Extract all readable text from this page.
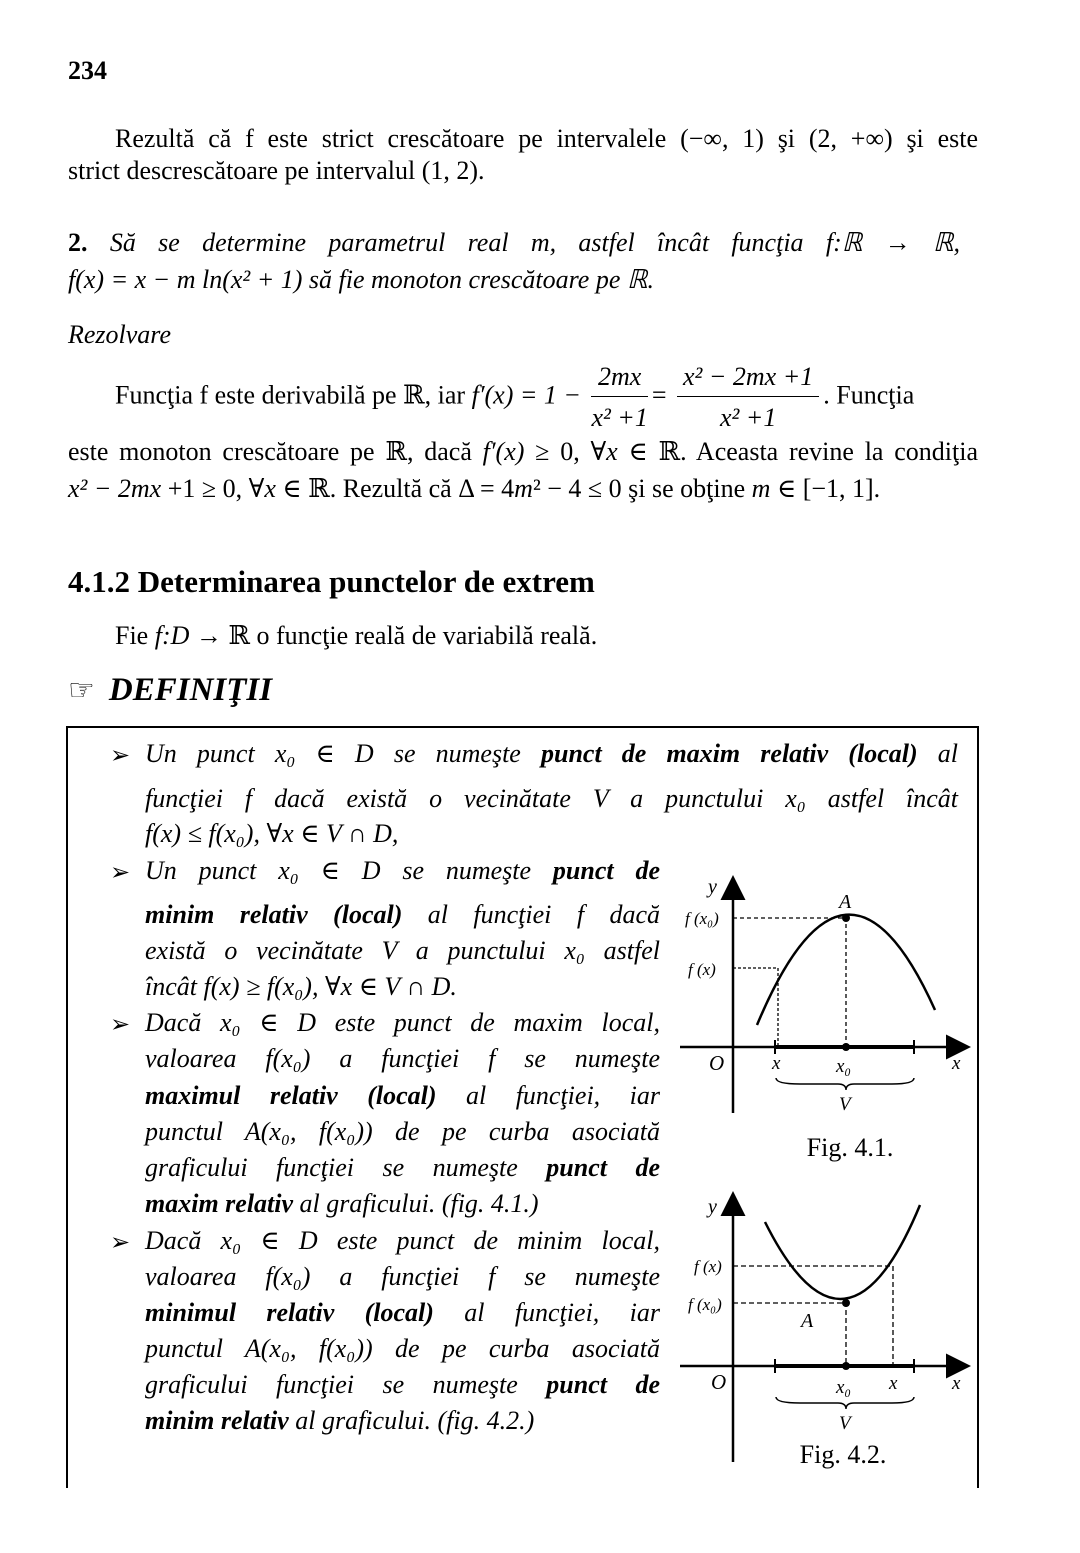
234
Rezultă că f este strict crescătoare pe intervalele (−∞, 1) şi (2, +∞) şi este
strict descrescătoare pe intervalul (1, 2).
2. Să se determine parametrul real m, astfel încât funcţia f:ℝ → ℝ,
f(x) = x − m ln(x² + 1) să fie monoton crescătoare pe ℝ.
Rezolvare
Funcţia f este derivabilă pe ℝ, iar $f'(x) = 1 - \frac{2mx}{\text{x² +1}} = \frac{\text{x² − 2mx +1}}{\text{x² +1}}$ . Funcţia
este monoton crescătoare pe ℝ, dacă f′(x) ≥ 0, ∀x ∈ ℝ. Aceasta revine la condiţia
x² − 2mx +1 ≥ 0, ∀x ∈ ℝ. Rezultă că Δ = 4m² − 4 ≤ 0 şi se obţine m ∈ [−1, 1].
4.1.2 Determinarea punctelor de extrem
Fie f:D → ℝ o funcţie reală de variabilă reală.
☞ DEFINIŢII
➢
➢
➢
➢
Un punct x₀ ∈ D se numeşte punct de maxim relativ (local) al
funcţiei f dacă există o vecinătate V a punctului x₀ astfel încât
f(x) ≤ f(x₀), ∀x ∈ V ∩ D,
Un punct x₀ ∈ D se numeşte punct de
minim relativ (local) al funcţiei f dacă
există o vecinătate V a punctului x₀ astfel
încât f(x) ≥ f(x₀), ∀x ∈ V ∩ D.
Dacă x₀ ∈ D este punct de maxim local,
valoarea f(x₀) a funcţiei f se numeşte
maximul relativ (local) al funcţiei, iar
punctul A(x₀, f(x₀)) de pe curba asociată
graficului funcţiei se numeşte punct de
maxim relativ al graficului. (fig. 4.1.)
Dacă x₀ ∈ D este punct de minim local,
valoarea f(x₀) a funcţiei f se numeşte
minimul relativ (local) al funcţiei, iar
punctul A(x₀, f(x₀)) de pe curba asociată
graficului funcţiei se numeşte punct de
minim relativ al graficului. (fig. 4.2.)
y
A
f (x₀)
f (x)
O	x	x₀	x
V
Fig. 4.1.
y
f (x)
f (x₀)
A
O	x₀ x	x
V
Fig. 4.2.
